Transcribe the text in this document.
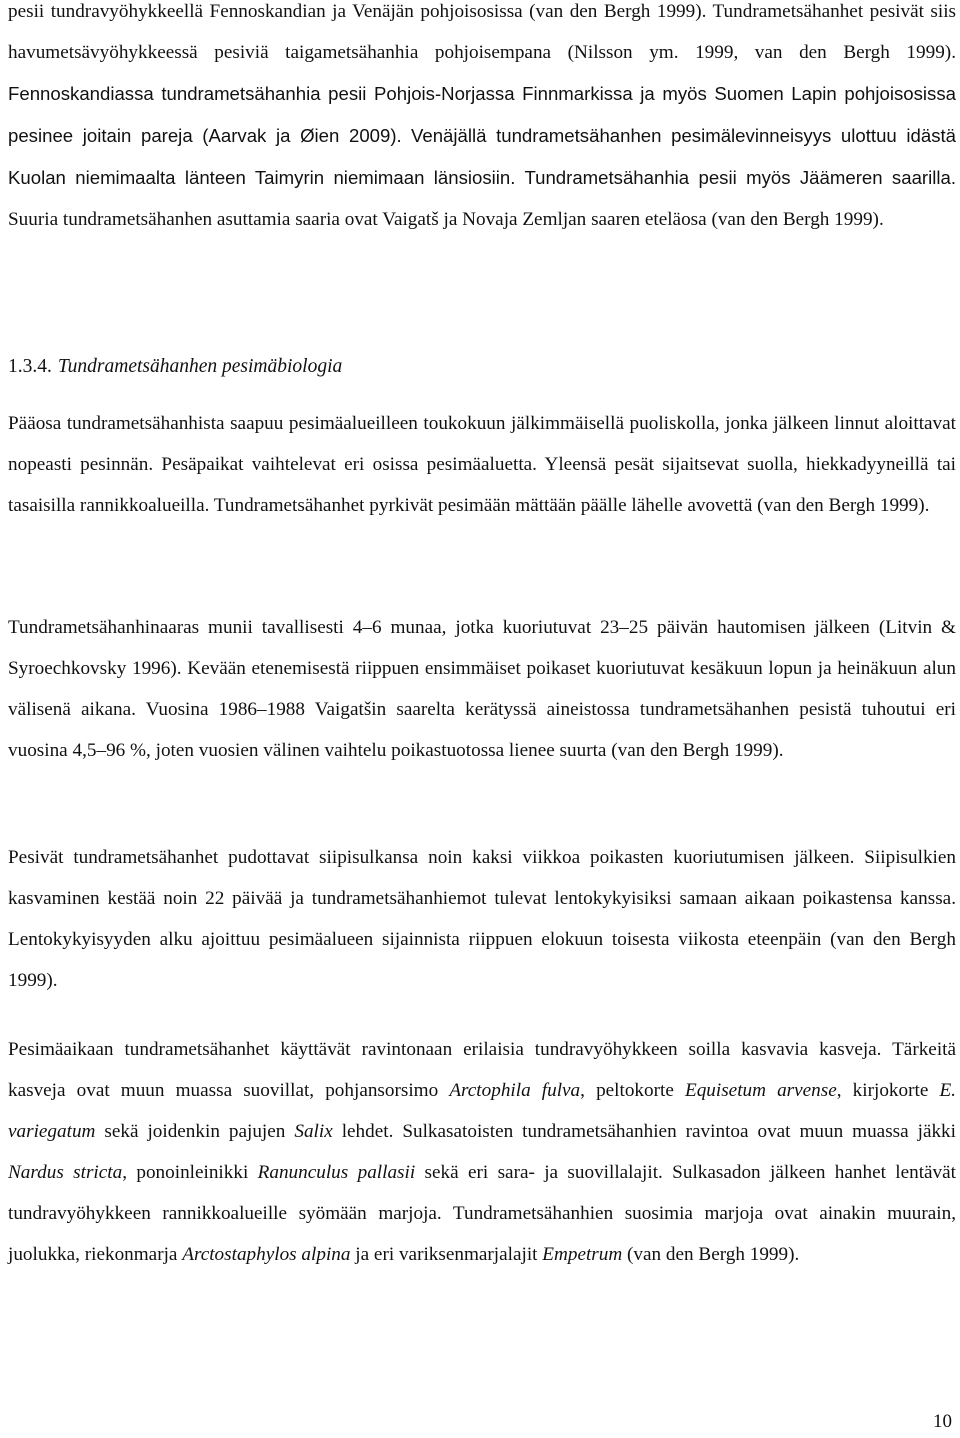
pesii tundravyöhykkeellä Fennoskandian ja Venäjän pohjoisosissa (van den Bergh 1999). Tundrametsähanhet pesivät siis havumetsävyöhykkeessä pesiviä taigametsähanhia pohjoisempana (Nilsson ym. 1999, van den Bergh 1999). Fennoskandiassa tundrametsähanhia pesii Pohjois-Norjassa Finnmarkissa ja myös Suomen Lapin pohjoisosissa pesinee joitain pareja (Aarvak ja Øien 2009). Venäjällä tundrametsähanhen pesimälevinneisyys ulottuu idästä Kuolan niemimaalta länteen Taimyrin niemimaan länsiosiin. Tundrametsähanhia pesii myös Jäämeren saarilla. Suuria tundrametsähanhen asuttamia saaria ovat Vaigatš ja Novaja Zemljan saaren eteläosa (van den Bergh 1999).

1.3.4. Tundrametsähanhen pesimäbiologia

Pääosa tundrametsähanhista saapuu pesimäalueilleen toukokuun jälkimmäisellä puoliskolla, jonka jälkeen linnut aloittavat nopeasti pesinnän. Pesäpaikat vaihtelevat eri osissa pesimäaluetta. Yleensä pesät sijaitsevat suolla, hiekkadyyneillä tai tasaisilla rannikkoalueilla. Tundrametsähanhet pyrkivät pesimään mättään päälle lähelle avovettä (van den Bergh 1999).

Tundrametsähanhinaaras munii tavallisesti 4–6 munaa, jotka kuoriutuvat 23–25 päivän hautomisen jälkeen (Litvin & Syroechkovsky 1996). Kevään etenemisestä riippuen ensimmäiset poikaset kuoriutuvat kesäkuun lopun ja heinäkuun alun välisenä aikana. Vuosina 1986–1988 Vaigatšin saarelta kerätyssä aineistossa tundrametsähanhen pesistä tuhoutui eri vuosina 4,5–96 %, joten vuosien välinen vaihtelu poikastuotossa lienee suurta (van den Bergh 1999).

Pesivät tundrametsähanhet pudottavat siipisulkansa noin kaksi viikkoa poikasten kuoriutumisen jälkeen. Siipisulkien kasvaminen kestää noin 22 päivää ja tundrametsähanhiemot tulevat lentokykyisiksi samaan aikaan poikastensa kanssa. Lentokykyisyyden alku ajoittuu pesimäalueen sijainnista riippuen elokuun toisesta viikosta eteenpäin (van den Bergh 1999).

Pesimäaikaan tundrametsähanhet käyttävät ravintonaan erilaisia tundravyöhykkeen soilla kasvavia kasveja. Tärkeitä kasveja ovat muun muassa suovillat, pohjansorsimo Arctophila fulva, peltokorte Equisetum arvense, kirjokorte E. variegatum sekä joidenkin pajujen Salix lehdet. Sulkasatoisten tundrametsähanhien ravintoa ovat muun muassa jäkki Nardus stricta, ponoinleinikki Ranunculus pallasii sekä eri sara- ja suovillalajit. Sulkasadon jälkeen hanhet lentävät tundravyöhykkeen rannikkoalueille syömään marjoja. Tundrametsähanhien suosimia marjoja ovat ainakin muurain, juolukka, riekonmarja Arctostaphylos alpina ja eri variksenmarjalajit Empetrum (van den Bergh 1999).

10
